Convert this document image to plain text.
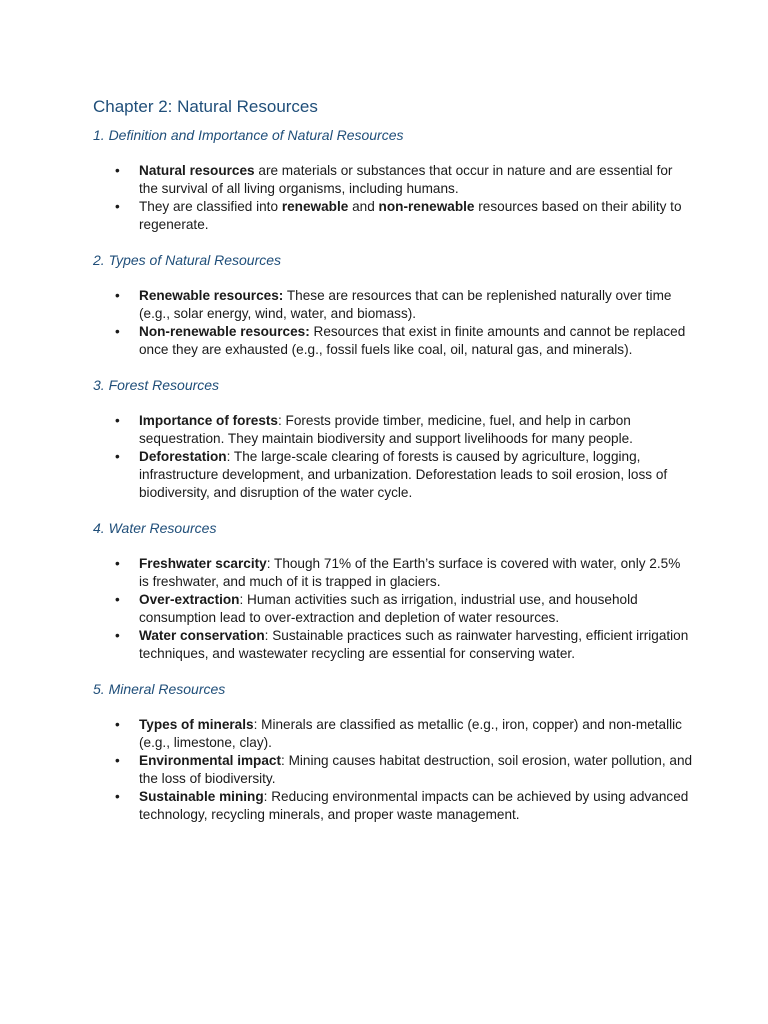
Chapter 2: Natural Resources
1. Definition and Importance of Natural Resources
• Natural resources are materials or substances that occur in nature and are essential for the survival of all living organisms, including humans.
• They are classified into renewable and non-renewable resources based on their ability to regenerate.
2. Types of Natural Resources
• Renewable resources: These are resources that can be replenished naturally over time (e.g., solar energy, wind, water, and biomass).
• Non-renewable resources: Resources that exist in finite amounts and cannot be replaced once they are exhausted (e.g., fossil fuels like coal, oil, natural gas, and minerals).
3. Forest Resources
• Importance of forests: Forests provide timber, medicine, fuel, and help in carbon sequestration. They maintain biodiversity and support livelihoods for many people.
• Deforestation: The large-scale clearing of forests is caused by agriculture, logging, infrastructure development, and urbanization. Deforestation leads to soil erosion, loss of biodiversity, and disruption of the water cycle.
4. Water Resources
• Freshwater scarcity: Though 71% of the Earth’s surface is covered with water, only 2.5% is freshwater, and much of it is trapped in glaciers.
• Over-extraction: Human activities such as irrigation, industrial use, and household consumption lead to over-extraction and depletion of water resources.
• Water conservation: Sustainable practices such as rainwater harvesting, efficient irrigation techniques, and wastewater recycling are essential for conserving water.
5. Mineral Resources
• Types of minerals: Minerals are classified as metallic (e.g., iron, copper) and non-metallic (e.g., limestone, clay).
• Environmental impact: Mining causes habitat destruction, soil erosion, water pollution, and the loss of biodiversity.
• Sustainable mining: Reducing environmental impacts can be achieved by using advanced technology, recycling minerals, and proper waste management.
